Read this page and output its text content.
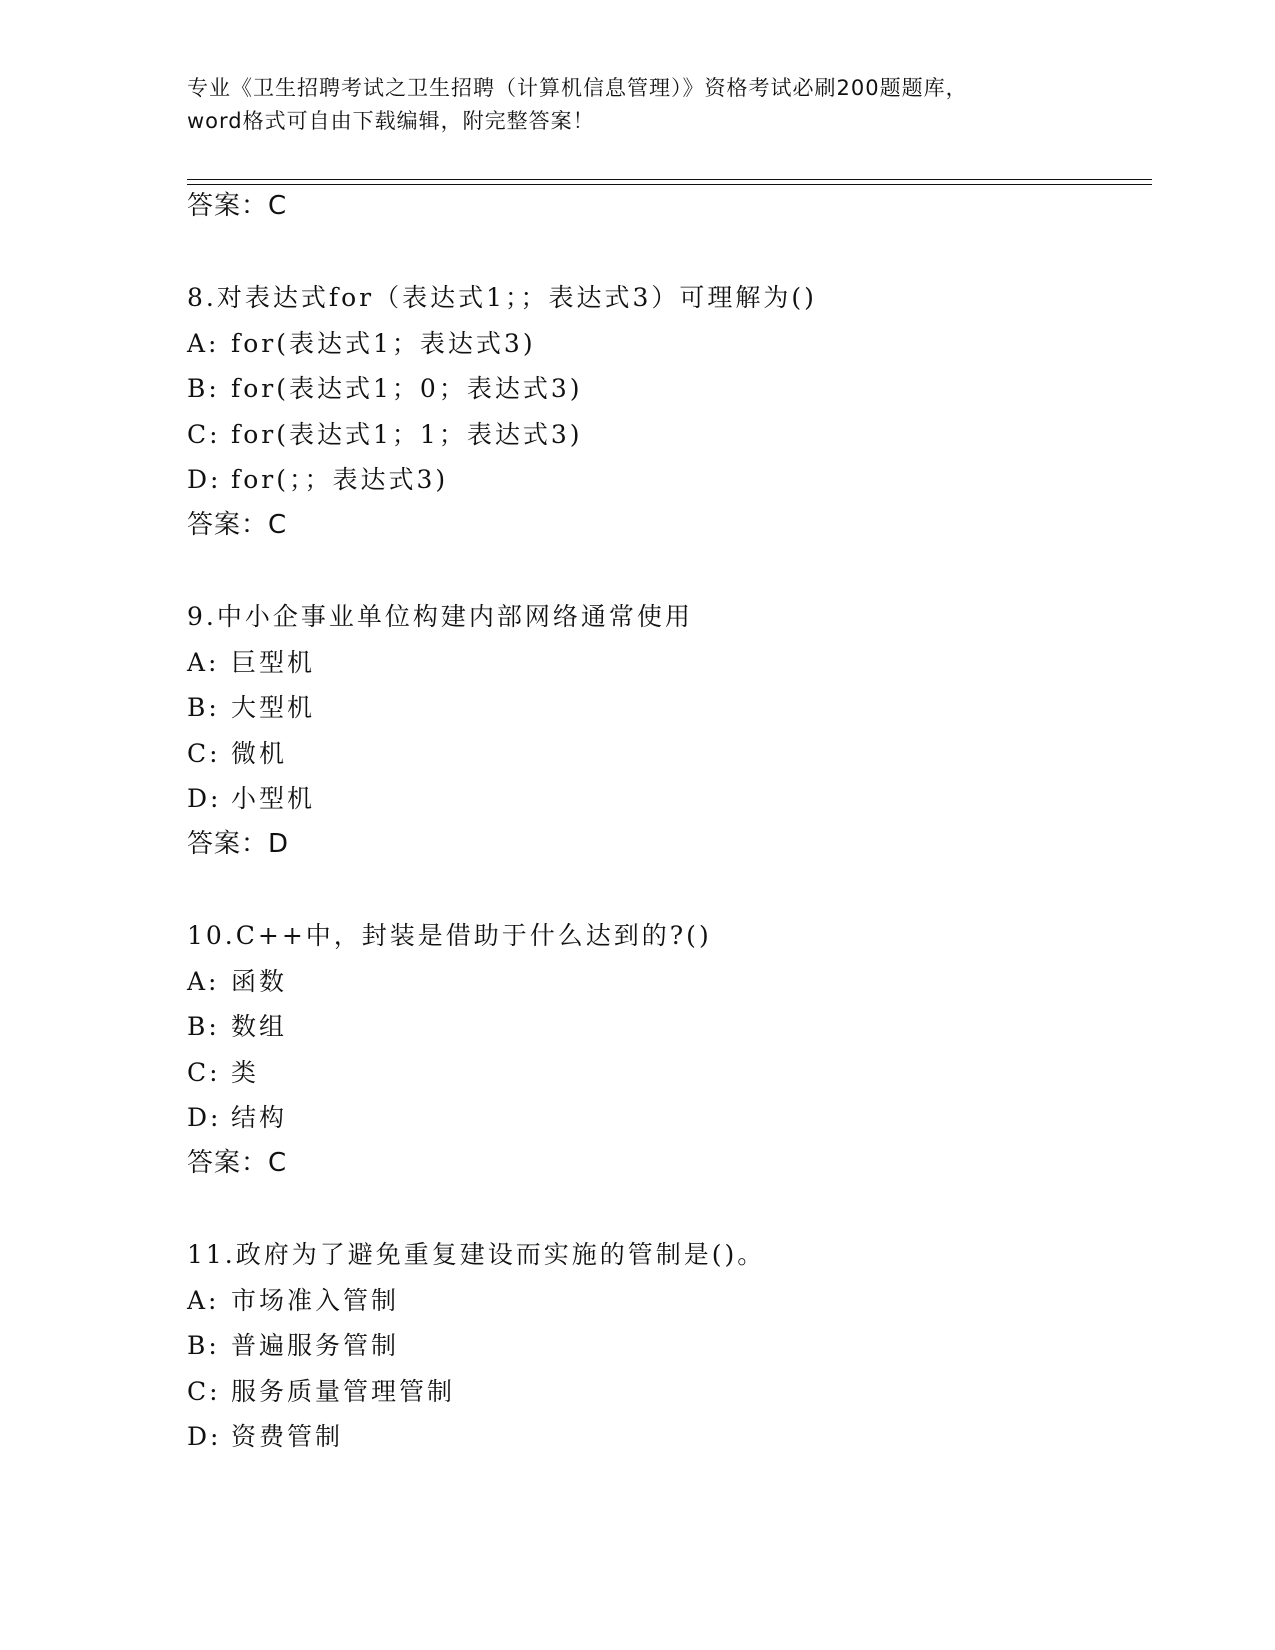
专业《卫生招聘考试之卫生招聘（计算机信息管理）》资格考试必刷200题题库，
word格式可自由下载编辑，附完整答案！
答案：C
8.对表达式for（表达式1；；表达式3）可理解为()
A: for(表达式1；表达式3)
B: for(表达式1；0；表达式3)
C: for(表达式1；1；表达式3)
D: for(；；表达式3)
答案：C
9.中小企事业单位构建内部网络通常使用
A: 巨型机
B: 大型机
C: 微机
D: 小型机
答案：D
10.C++中，封装是借助于什么达到的?()
A: 函数
B: 数组
C: 类
D: 结构
答案：C
11.政府为了避免重复建设而实施的管制是()。
A: 市场准入管制
B: 普遍服务管制
C: 服务质量管理管制
D: 资费管制
